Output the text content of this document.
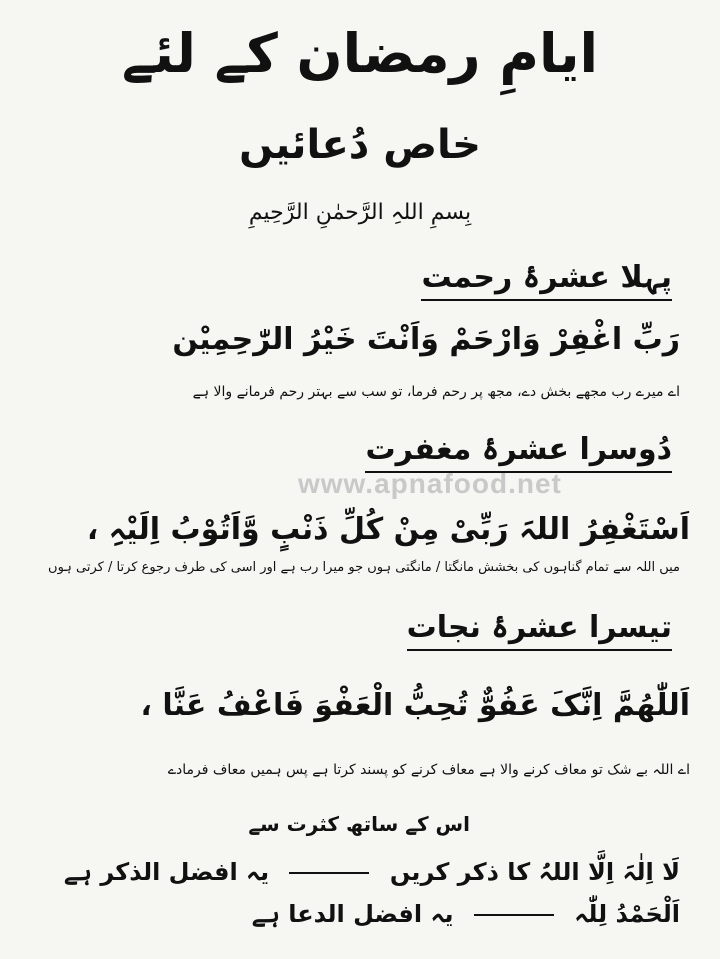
ایامِ رمضان کے لئے
خاص دُعائیں
بِسمِ اللہِ الرَّحمٰنِ الرَّحِیمِ
پہلا عشرۂ رحمت
رَبِّ اغْفِرْ وَارْحَمْ وَاَنْتَ خَیْرُ الرّٰحِمِیْن
اے میرے رب مجھے بخش دے، مجھ پر رحم فرما، تو سب سے بہتر رحم فرمانے والا ہے
دُوسرا عشرۂ مغفرت
اَسْتَغْفِرُ اللہَ رَبِّیْ مِنْ کُلِّ ذَنْبٍ وَّاَتُوْبُ اِلَیْہِ ،
میں اللہ سے تمام گناہوں کی بخشش مانگتا / مانگتی ہوں جو میرا رب ہے اور اسی کی طرف رجوع کرتا / کرتی ہوں
تیسرا عشرۂ نجات
اَللّٰھُمَّ اِنَّکَ عَفُوٌّ تُحِبُّ الْعَفْوَ فَاعْفُ عَنَّا ،
اے اللہ بے شک تو معاف کرنے والا ہے معاف کرنے کو پسند کرتا ہے پس ہمیں معاف فرمادے
اس کے ساتھ کثرت سے
لَا اِلٰہَ اِلَّا اللہُ کا ذکر کریں  یہ افضل الذکر ہے
اَلْحَمْدُ لِلّٰہ  یہ افضل الدعا ہے
www.apnafood.net
